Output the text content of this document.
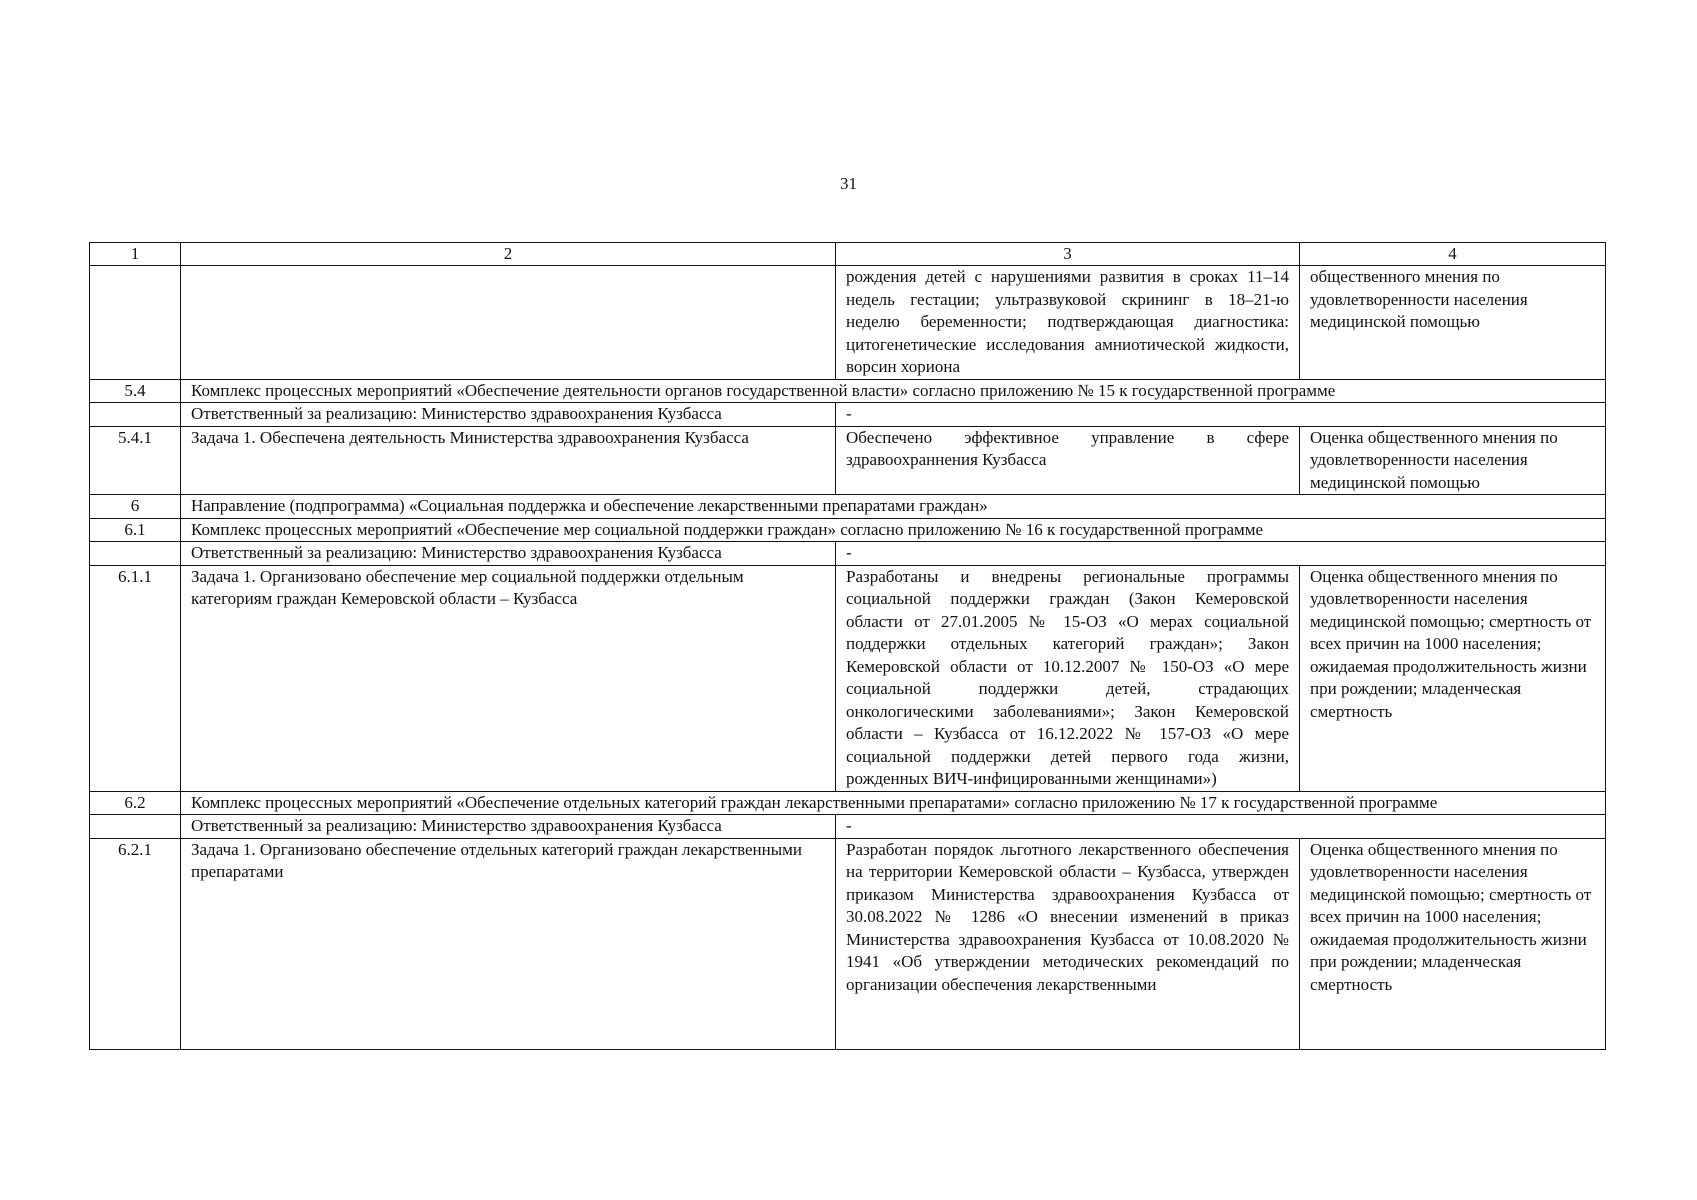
31
1	2	3	4
		рождения детей с нарушениями развития в сроках 11–14 недель гестации; ультразвуковой скрининг в 18–21-ю неделю беременности; подтверждающая диагностика: цитогенетические исследования амниотической жидкости, ворсин хориона	общественного мнения по удовлетворенности населения медицинской помощью
5.4	Комплекс процессных мероприятий «Обеспечение деятельности органов государственной власти» согласно приложению № 15 к государственной программе		
	Ответственный за реализацию: Министерство здравоохранения Кузбасса	-	
5.4.1	Задача 1. Обеспечена деятельность Министерства здравоохранения Кузбасса	Обеспечено эффективное управление в сфере здравоохраннения Кузбасса	Оценка общественного мнения по удовлетворенности населения медицинской помощью
6	Направление (подпрограмма) «Социальная поддержка и обеспечение лекарственными препаратами граждан»		
6.1	Комплекс процессных мероприятий «Обеспечение мер социальной поддержки граждан» согласно приложению № 16 к государственной программе		
	Ответственный за реализацию: Министерство здравоохранения Кузбасса	-	
6.1.1	Задача 1. Организовано обеспечение мер социальной поддержки отдельным категориям граждан Кемеровской области – Кузбасса	Разработаны и внедрены региональные программы социальной поддержки граждан (Закон Кемеровской области от 27.01.2005 № 15-ОЗ «О мерах социальной поддержки отдельных категорий граждан»; Закон Кемеровской области от 10.12.2007 № 150-ОЗ «О мере социальной поддержки детей, страдающих онкологическими заболеваниями»; Закон Кемеровской области – Кузбасса от 16.12.2022 № 157-ОЗ «О мере социальной поддержки детей первого года жизни, рожденных ВИЧ-инфицированными женщинами»)	Оценка общественного мнения по удовлетворенности населения медицинской помощью; смертность от всех причин на 1000 населения; ожидаемая продолжительность жизни при рождении; младенческая смертность
6.2	Комплекс процессных мероприятий «Обеспечение отдельных категорий граждан лекарственными препаратами» согласно приложению № 17 к государственной программе		
	Ответственный за реализацию: Министерство здравоохранения Кузбасса	-	
6.2.1	Задача 1. Организовано обеспечение отдельных категорий граждан лекарственными препаратами	Разработан порядок льготного лекарственного обеспечения на территории Кемеровской области – Кузбасса, утвержден приказом Министерства здравоохранения Кузбасса от 30.08.2022 № 1286 «О внесении изменений в приказ Министерства здравоохранения Кузбасса от 10.08.2020 № 1941 «Об утверждении методических рекомендаций по организации обеспечения лекарственными	Оценка общественного мнения по удовлетворенности населения медицинской помощью; смертность от всех причин на 1000 населения; ожидаемая продолжительность жизни при рождении; младенческая смертность
